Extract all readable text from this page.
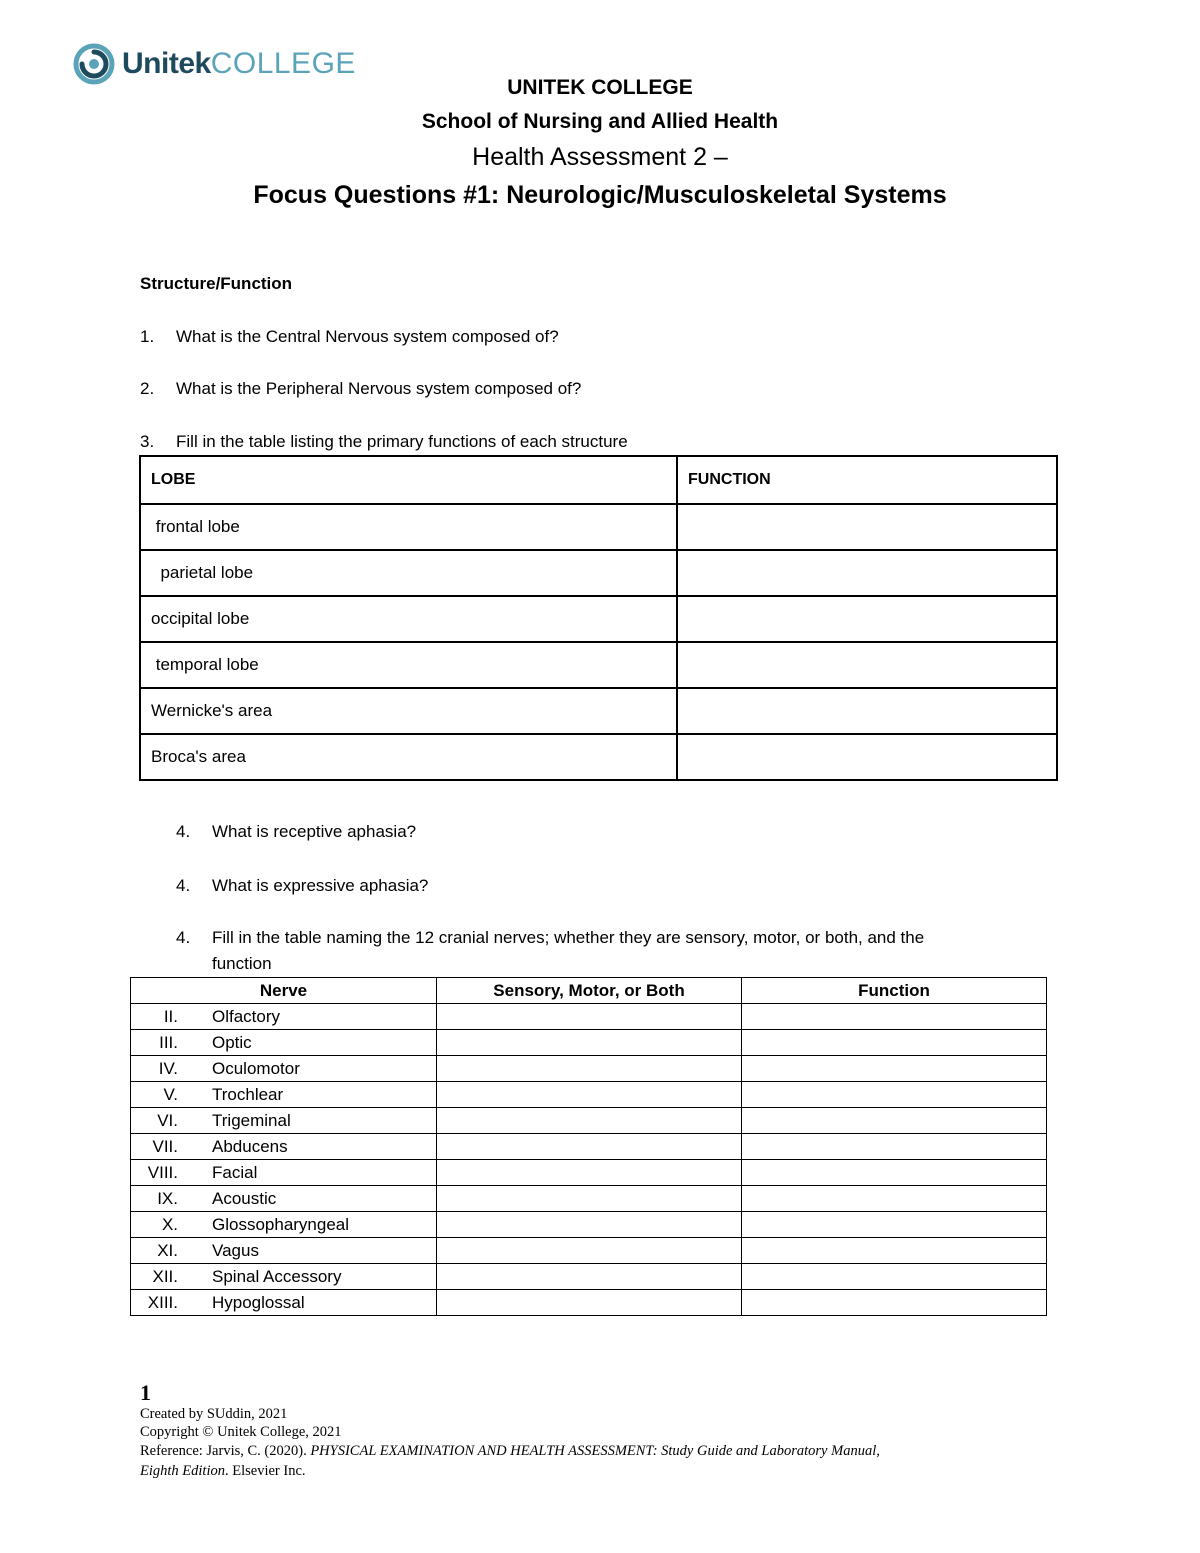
UnitekCOLLEGE
UNITEK COLLEGE
School of Nursing and Allied Health
Health Assessment 2 –
Focus Questions #1: Neurologic/Musculoskeletal Systems
Structure/Function
1. What is the Central Nervous system composed of?
2. What is the Peripheral Nervous system composed of?
3. Fill in the table listing the primary functions of each structure
LOBE	FUNCTION
frontal lobe	
parietal lobe	
occipital lobe	
temporal lobe	
Wernicke's area	
Broca's area	
4. What is receptive aphasia?
4. What is expressive aphasia?
4. Fill in the table naming the 12 cranial nerves; whether they are sensory, motor, or both, and the
function
Nerve	Sensory, Motor, or Both	Function

II. Olfactory		

III. Optic		

IV. Oculomotor		

V. Trochlear		

VI. Trigeminal		

VII. Abducens		

VIII. Facial		

IX. Acoustic		

X. Glossopharyngeal		

XI. Vagus		

XII. Spinal Accessory		

XIII. Hypoglossal		

1
Created by SUddin, 2021
Copyright © Unitek College, 2021
Reference: Jarvis, C. (2020). PHYSICAL EXAMINATION AND HEALTH ASSESSMENT: Study Guide and Laboratory Manual,
Eighth Edition. Elsevier Inc.
